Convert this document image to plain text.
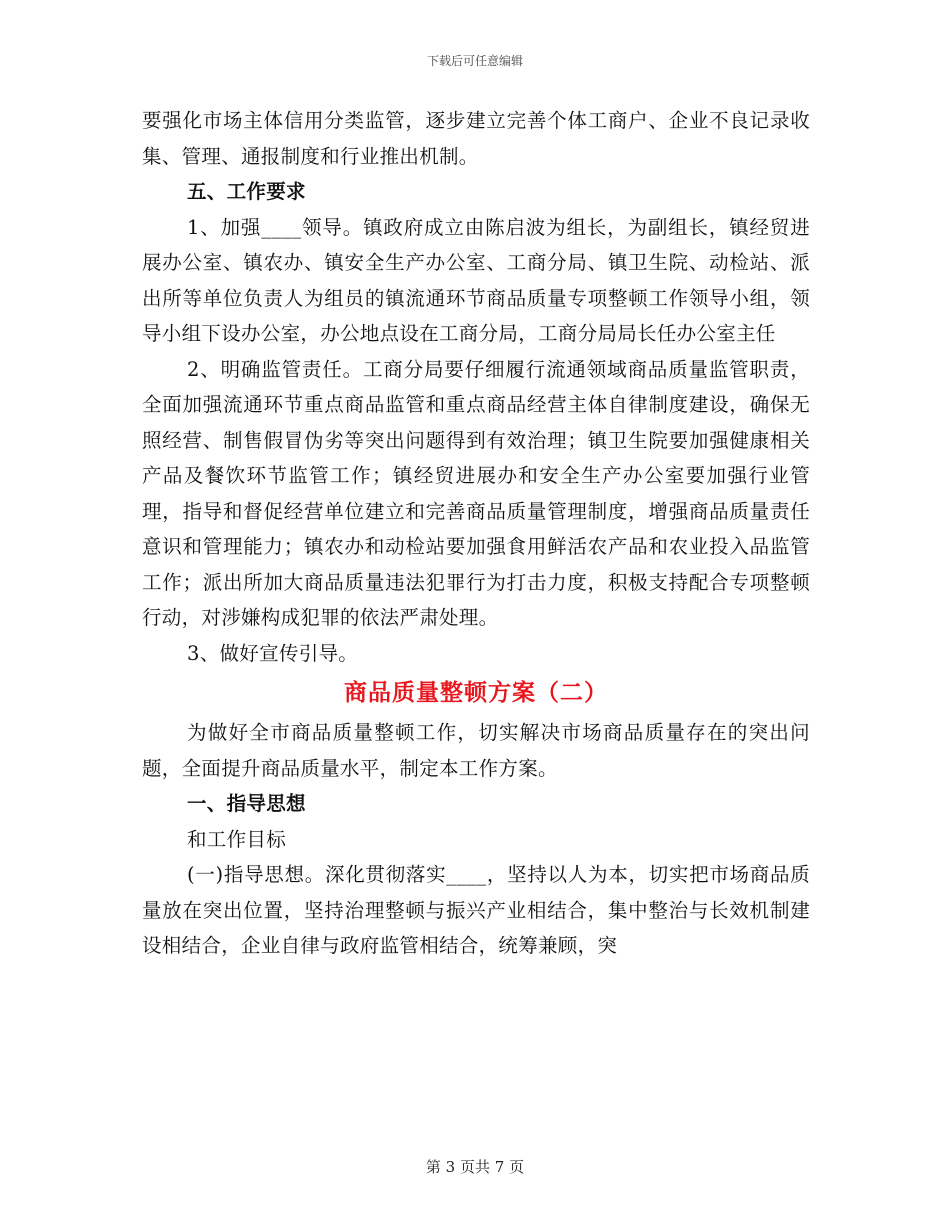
下载后可任意编辑

要强化市场主体信用分类监管，逐步建立完善个体工商户、企业不良记录收集、管理、通报制度和行业推出机制。

五、工作要求

1、加强____领导。镇政府成立由陈启波为组长，为副组长，镇经贸进展办公室、镇农办、镇安全生产办公室、工商分局、镇卫生院、动检站、派出所等单位负责人为组员的镇流通环节商品质量专项整顿工作领导小组，领导小组下设办公室，办公地点设在工商分局，工商分局局长任办公室主任

2、明确监管责任。工商分局要仔细履行流通领域商品质量监管职责，全面加强流通环节重点商品监管和重点商品经营主体自律制度建设，确保无照经营、制售假冒伪劣等突出问题得到有效治理；镇卫生院要加强健康相关产品及餐饮环节监管工作；镇经贸进展办和安全生产办公室要加强行业管理，指导和督促经营单位建立和完善商品质量管理制度，增强商品质量责任意识和管理能力；镇农办和动检站要加强食用鲜活农产品和农业投入品监管工作；派出所加大商品质量违法犯罪行为打击力度，积极支持配合专项整顿行动，对涉嫌构成犯罪的依法严肃处理。

3、做好宣传引导。

商品质量整顿方案（二）

为做好全市商品质量整顿工作，切实解决市场商品质量存在的突出问题，全面提升商品质量水平，制定本工作方案。

一、指导思想

和工作目标

(一)指导思想。深化贯彻落实____，坚持以人为本，切实把市场商品质量放在突出位置，坚持治理整顿与振兴产业相结合，集中整治与长效机制建设相结合，企业自律与政府监管相结合，统筹兼顾，突

第 3 页共 7 页
